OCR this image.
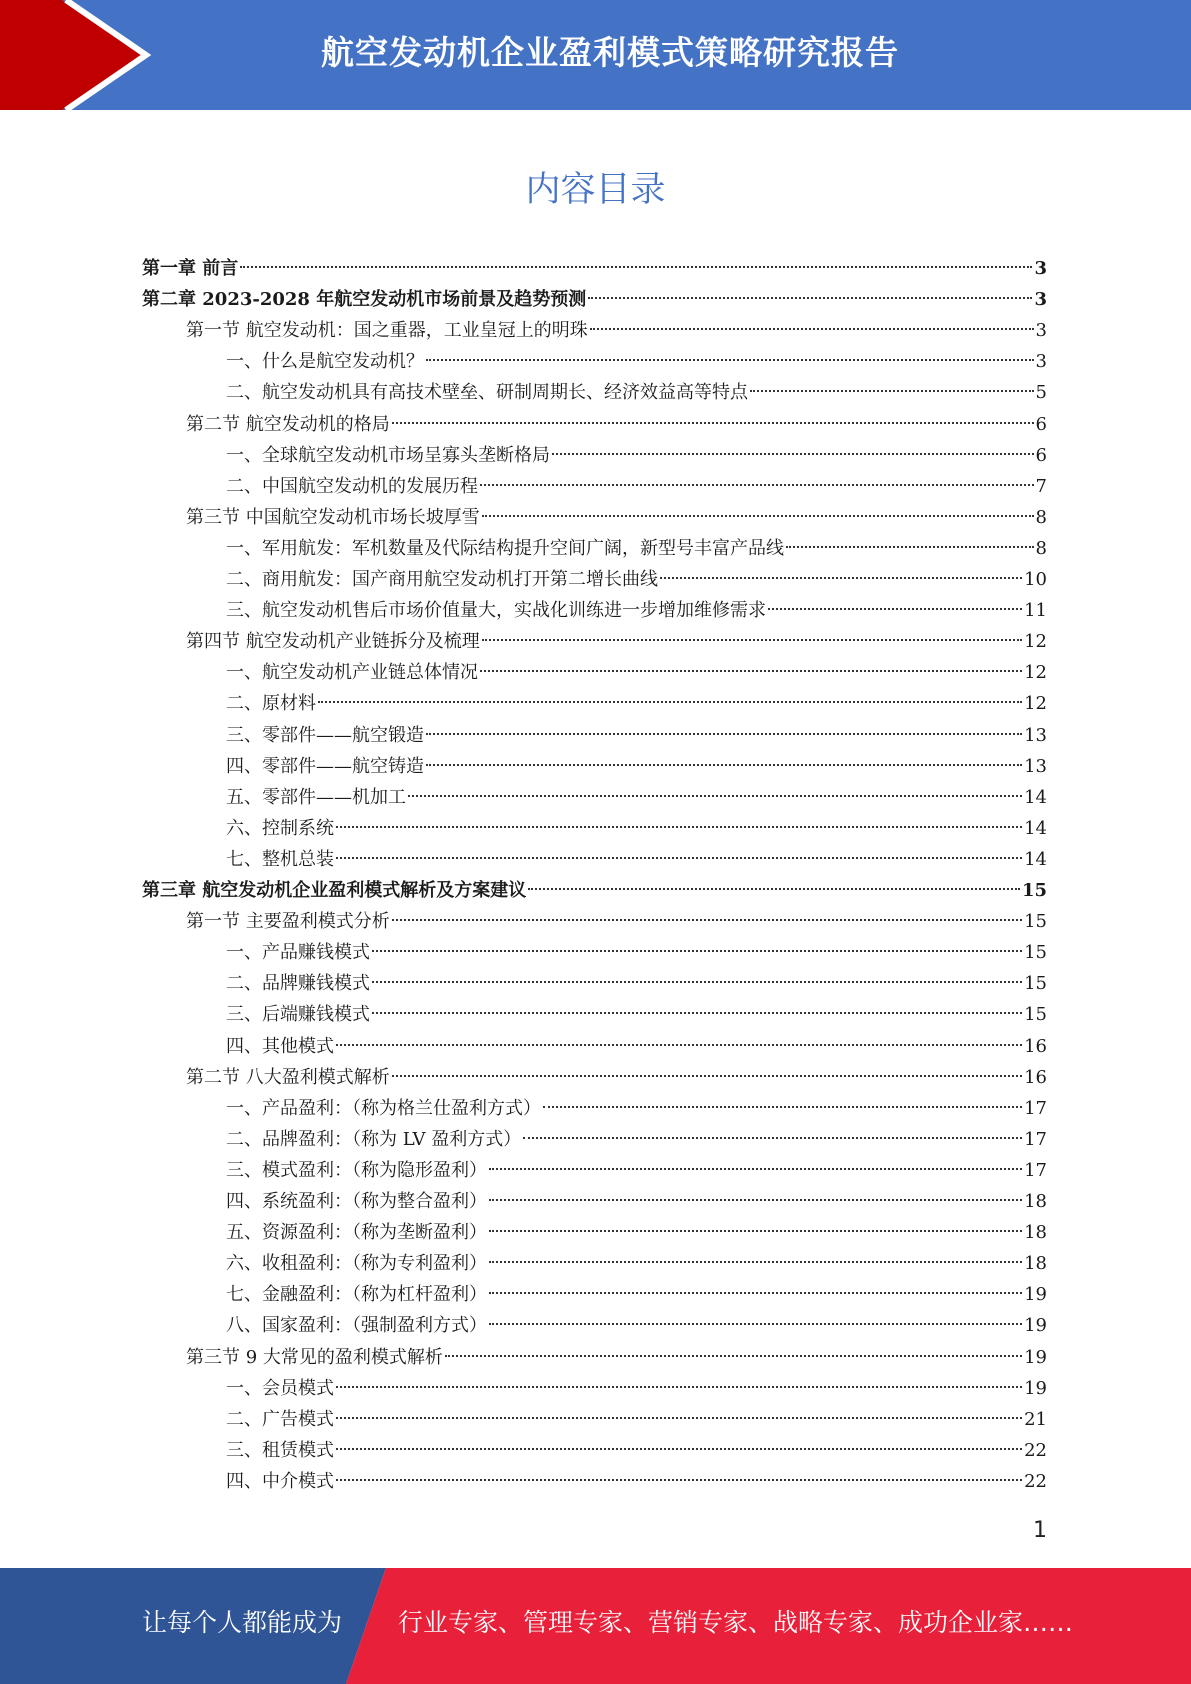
航空发动机企业盈利模式策略研究报告
内容目录
第一章 前言	3
第二章 2023-2028 年航空发动机市场前景及趋势预测	3
第一节 航空发动机：国之重器，工业皇冠上的明珠	3
一、什么是航空发动机？	3
二、航空发动机具有高技术壁垒、研制周期长、经济效益高等特点	5
第二节 航空发动机的格局	6
一、全球航空发动机市场呈寡头垄断格局	6
二、中国航空发动机的发展历程	7
第三节 中国航空发动机市场长坡厚雪	8
一、军用航发：军机数量及代际结构提升空间广阔，新型号丰富产品线	8
二、商用航发：国产商用航空发动机打开第二增长曲线	10
三、航空发动机售后市场价值量大，实战化训练进一步增加维修需求	11
第四节 航空发动机产业链拆分及梳理	12
一、航空发动机产业链总体情况	12
二、原材料	12
三、零部件——航空锻造	13
四、零部件——航空铸造	13
五、零部件——机加工	14
六、控制系统	14
七、整机总装	14
第三章 航空发动机企业盈利模式解析及方案建议	15
第一节 主要盈利模式分析	15
一、产品赚钱模式	15
二、品牌赚钱模式	15
三、后端赚钱模式	15
四、其他模式	16
第二节 八大盈利模式解析	16
一、产品盈利：（称为格兰仕盈利方式）	17
二、品牌盈利：（称为 LV 盈利方式）	17
三、模式盈利：（称为隐形盈利）	17
四、系统盈利：（称为整合盈利）	18
五、资源盈利：（称为垄断盈利）	18
六、收租盈利：（称为专利盈利）	18
七、金融盈利：（称为杠杆盈利）	19
八、国家盈利：（强制盈利方式）	19
第三节 9 大常见的盈利模式解析	19
一、会员模式	19
二、广告模式	21
三、租赁模式	22
四、中介模式	22
1
让每个人都能成为 行业专家、管理专家、营销专家、战略专家、成功企业家……
